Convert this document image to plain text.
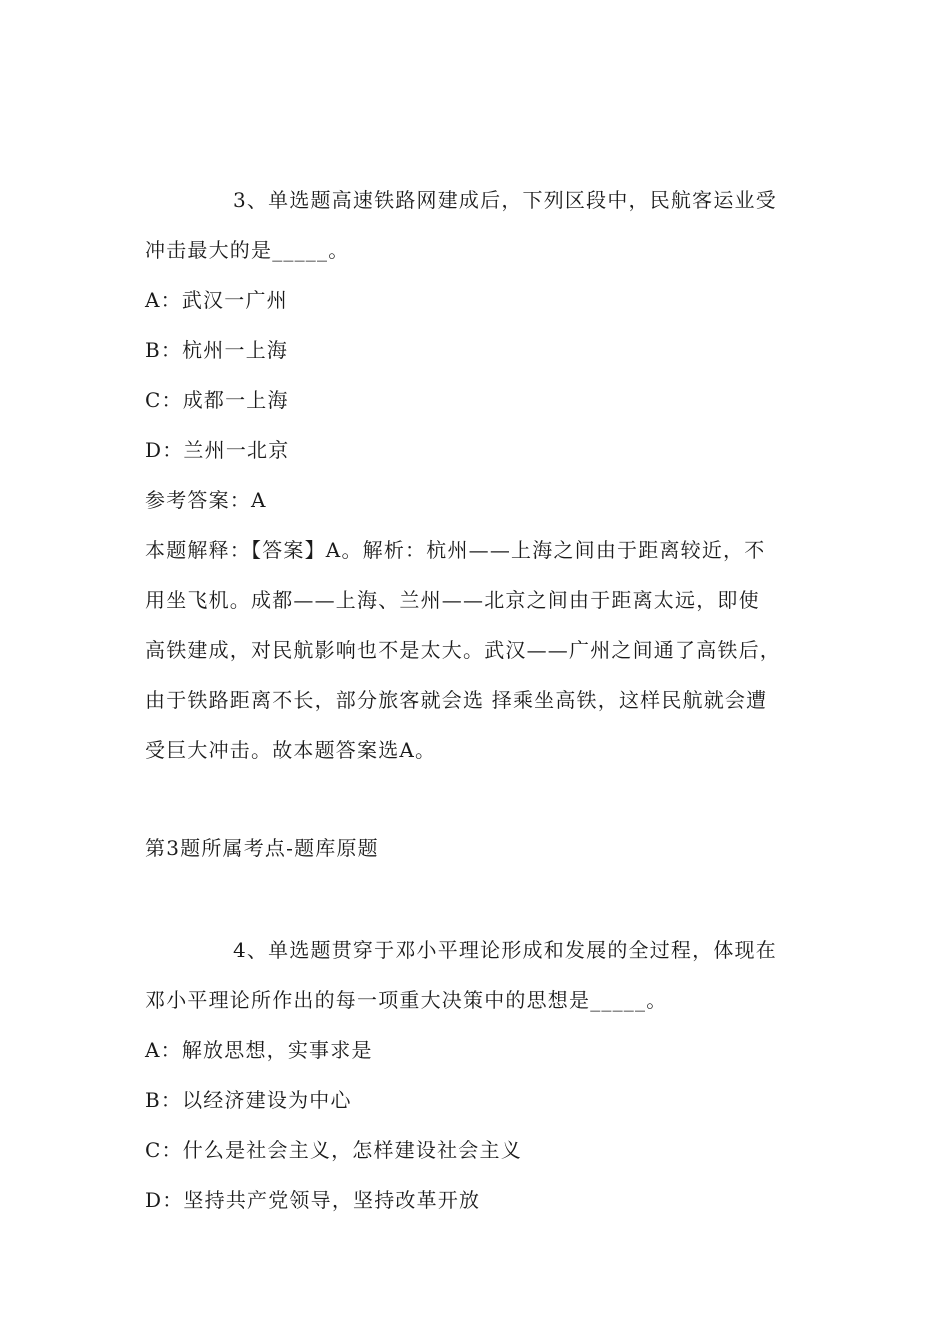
3、单选题高速铁路网建成后，下列区段中，民航客运业受
冲击最大的是_____。
A：武汉一广州
B：杭州一上海
C：成都一上海
D：兰州一北京
参考答案：A
本题解释：【答案】A。解析：杭州——上海之间由于距离较近，不
用坐飞机。成都——上海、兰州——北京之间由于距离太远，即使
高铁建成，对民航影响也不是太大。武汉——广州之间通了高铁后，
由于铁路距离不长，部分旅客就会选 择乘坐高铁，这样民航就会遭
受巨大冲击。故本题答案选A。
第3题所属考点-题库原题
4、单选题贯穿于邓小平理论形成和发展的全过程，体现在
邓小平理论所作出的每一项重大决策中的思想是_____。
A：解放思想，实事求是
B：以经济建设为中心
C：什么是社会主义，怎样建设社会主义
D：坚持共产党领导，坚持改革开放
